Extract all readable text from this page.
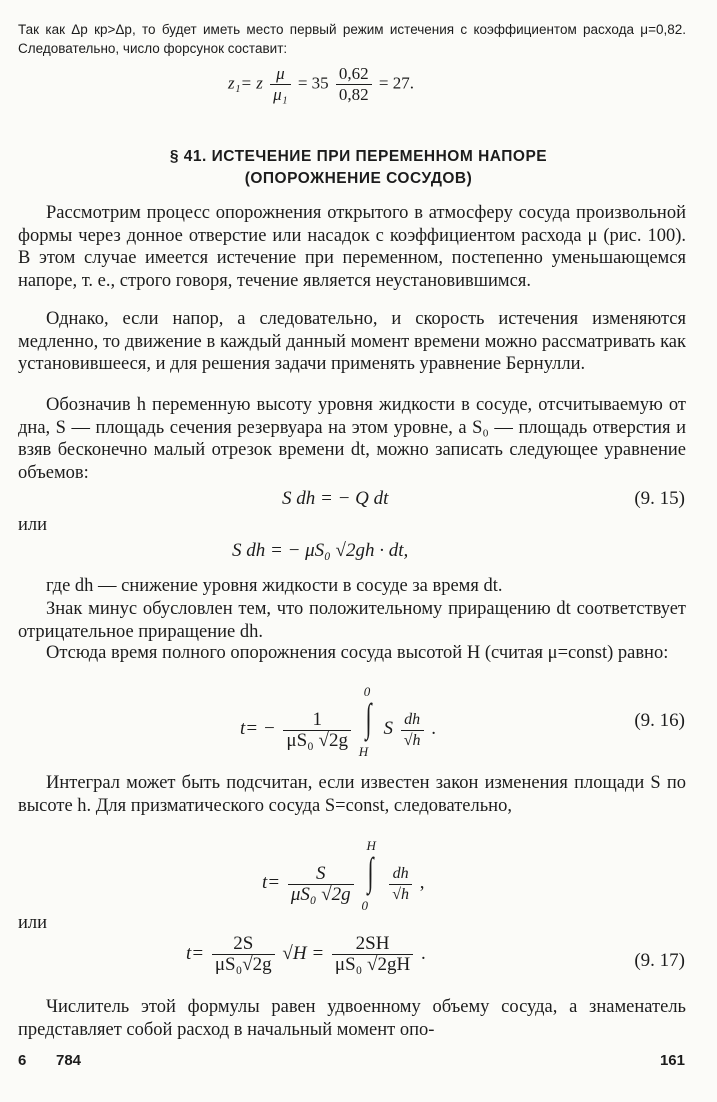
Так как Δp кр>Δp, то будет иметь место первый режим истечения с коэффициентом расхода μ=0,82. Следовательно, число форсунок составит:
z₁= z $\frac{\mu}{\text{μ₁}} = 35 \frac{0,62}{0,82} = 27$.
§ 41. ИСТЕЧЕНИЕ ПРИ ПЕРЕМЕННОМ НАПОРЕ
(ОПОРОЖНЕНИЕ СОСУДОВ)

Рассмотрим процесс опорожнения открытого в атмосферу сосуда произвольной формы через донное отверстие или насадок с коэффициентом расхода μ (рис. 100). В этом случае имеется истечение при переменном, постепенно уменьшающемся напоре, т. е., строго говоря, течение является неустановившимся.

Однако, если напор, а следовательно, и скорость истечения изменяются медленно, то движение в каждый данный момент времени можно рассматривать как установившееся, и для решения задачи применять уравнение Бернулли.

Обозначив h переменную высоту уровня жидкости в сосуде, отсчитываемую от дна, S — площадь сечения резервуара на этом уровне, а S₀ — площадь отверстия и взяв бесконечно малый отрезок времени dt, можно записать следующее уравнение объемов:

S dh = − Q dt	(9. 15)
или
S dh = − μS₀ √2gh · dt,

где dh — снижение уровня жидкости в сосуде за время dt.

Знак минус обусловлен тем, что положительному приращению dt соответствует отрицательное приращение dh.

Отсюда время полного опорожнения сосуда высотой H (считая μ=const) равно:

$t= - \frac{1}{\text{μS₀ √2g}}$
∫
0
H
S $\frac{dh}{√h}$ .	(9. 16)

Интеграл может быть подсчитан, если известен закон изменения площади S по высоте h. Для призматического сосуда S=const, следовательно,

$t= \frac{S}{\text{μS₀ √2g}}$
∫
H
0

$\frac{dh}{√h}$ ,
или
$t= \frac{2S}{\text{μS₀√2g}} √H = \frac{2SH}{\text{μS₀ √2gH}}$ .	(9. 17)

Числитель этой формулы равен удвоенному объему сосуда, а знаменатель представляет собой расход в начальный момент опо-

6 784	161
